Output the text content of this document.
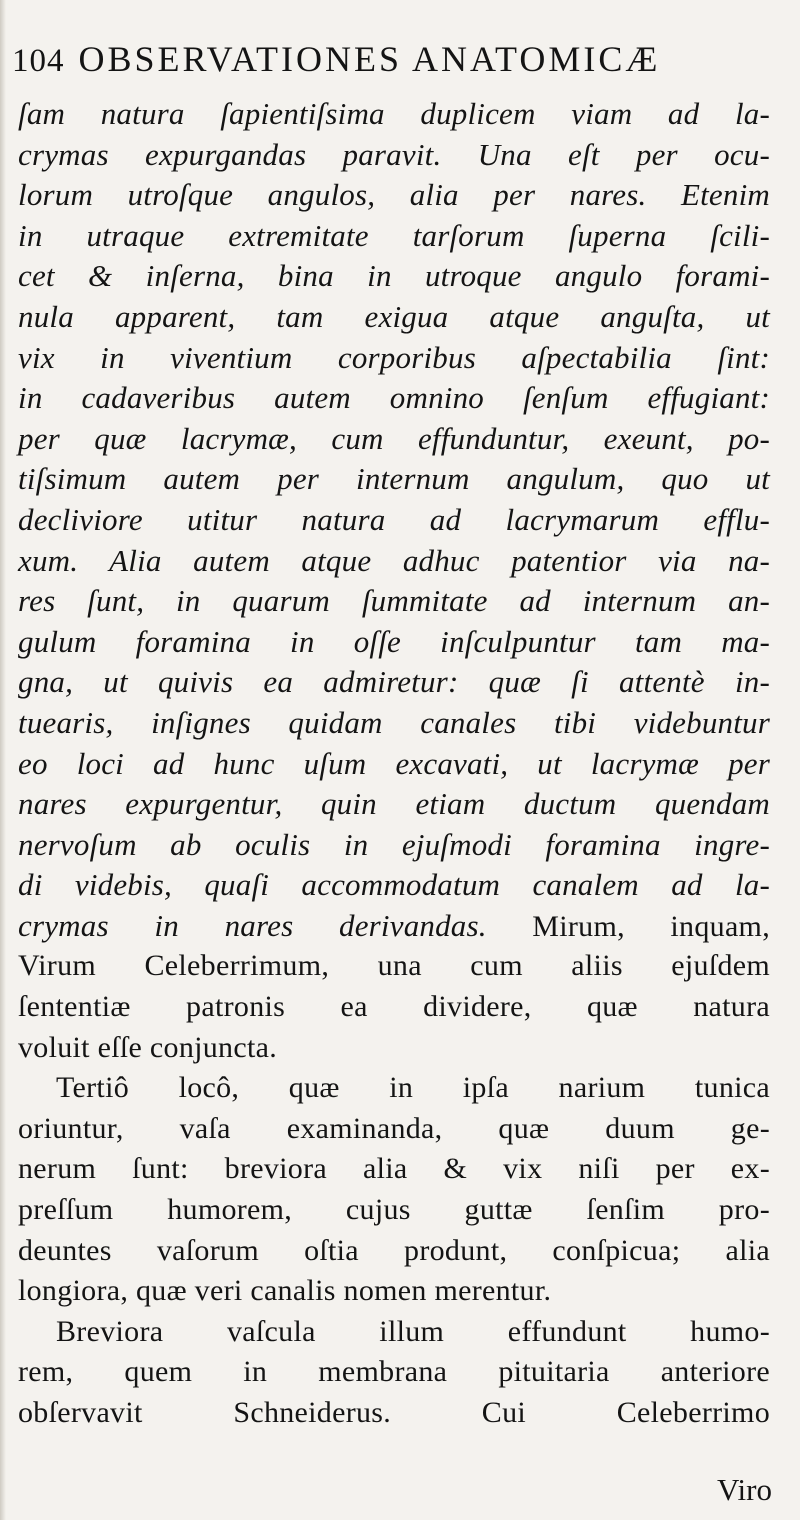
104 OBSERVATIONES ANATOMICÆ
ſam natura ſapientiſsima duplicem viam ad la-
crymas expurgandas paravit. Una eſt per ocu-
lorum utroſque angulos, alia per nares. Etenim
in utraque extremitate tarſorum ſuperna ſcili-
cet & inſerna, bina in utroque angulo forami-
nula apparent, tam exigua atque anguſta, ut
vix in viventium corporibus aſpectabilia ſint:
in cadaveribus autem omnino ſenſum effugiant:
per quæ lacrymæ, cum effunduntur, exeunt, po-
tiſsimum autem per internum angulum, quo ut
decliviore utitur natura ad lacrymarum efflu-
xum. Alia autem atque adhuc patentior via na-
res ſunt, in quarum ſummitate ad internum an-
gulum foramina in oſſe inſculpuntur tam ma-
gna, ut quivis ea admiretur: quæ ſi attentè in-
tuearis, inſignes quidam canales tibi videbuntur
eo loci ad hunc uſum excavati, ut lacrymæ per
nares expurgentur, quin etiam ductum quendam
nervoſum ab oculis in ejuſmodi foramina ingre-
di videbis, quaſi accommodatum canalem ad la-
crymas in nares derivandas. Mirum, inquam,
Virum Celeberrimum, una cum aliis ejuſdem
ſententiæ patronis ea dividere, quæ natura
voluit eſſe conjuncta.
Tertiô locô, quæ in ipſa narium tunica
oriuntur, vaſa examinanda, quæ duum ge-
nerum ſunt: breviora alia & vix niſi per ex-
preſſum humorem, cujus guttæ ſenſim pro-
deuntes vaſorum oſtia produnt, conſpicua; alia
longiora, quæ veri canalis nomen merentur.
Breviora vaſcula illum effundunt humo-
rem, quem in membrana pituitaria anteriore
obſervavit Schneiderus. Cui Celeberrimo
Viro
